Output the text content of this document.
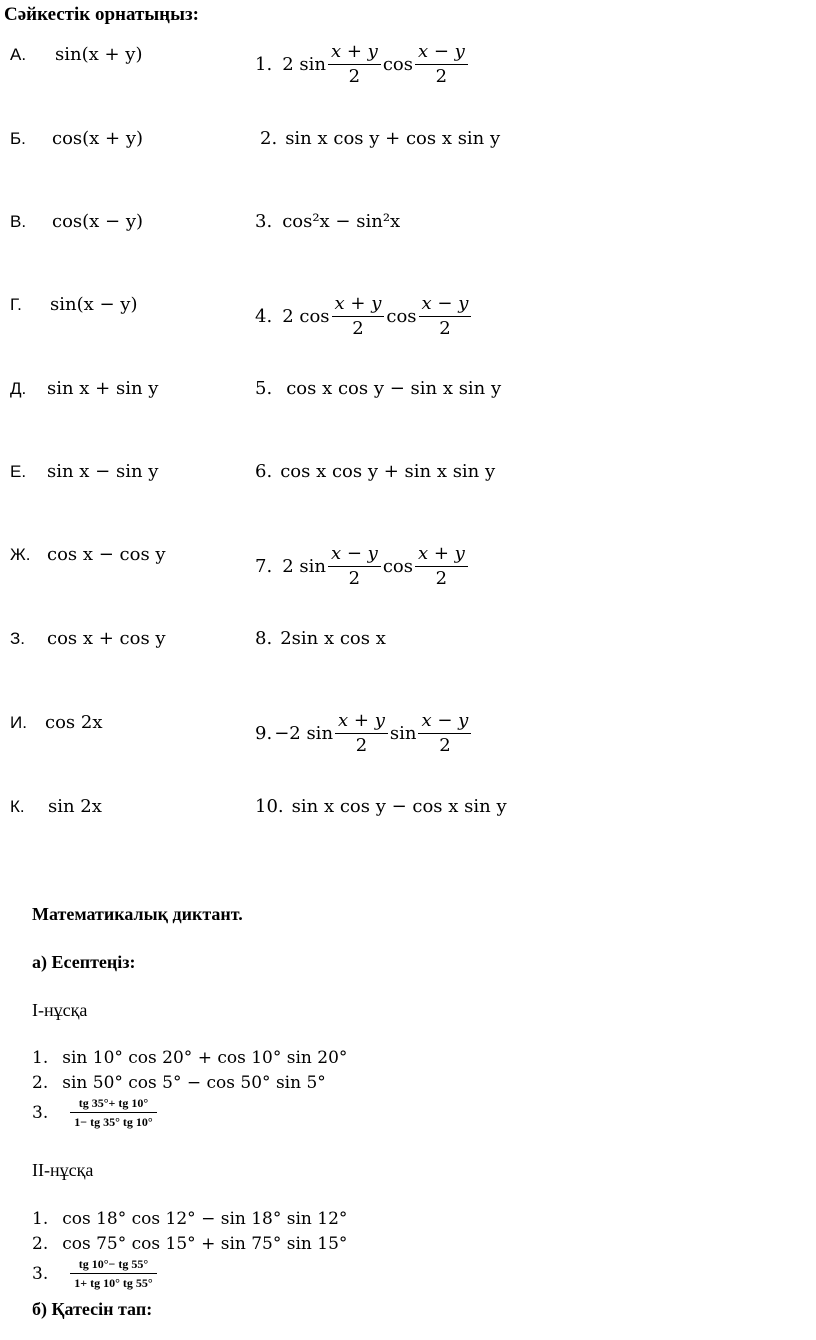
Сәйкестік орнатыңыз:
А. sin(x + y)
Б. cos(x + y)
В. cos(x − y)
Г. sin(x − y)
Д. sin x + sin y
Е. sin x − sin y
Ж. cos x − cos y
З. cos x + cos y
И. cos 2x
К. sin 2x
1. 2 $\sin \frac{x + y}{2}$ $\cos \frac{x - y}{2}$
2. sin x cos y + cos x sin y
3. cos²x − sin²x
4. 2 $\cos \frac{x + y}{2}$ $\cos \frac{x - y}{2}$
5. cos x cos y − sin x sin y
6. cos x cos y + sin x sin y
7. 2 $\sin \frac{x - y}{2}$ $\cos \frac{x + y}{2}$
8. 2sin x cos x
9. −2 $\sin \frac{x + y}{2}$ $\sin \frac{x - y}{2}$
10. sin x cos y − cos x sin y
Математикалық диктант.
а) Есептеңіз:
І-нұсқа
1. sin 10° cos 20° + cos 10° sin 20°
2. sin 50° cos 5° − cos 50° sin 5°
3. $\frac{tg 35^\circ+ tg 10^\circ}{1- tg 35^\circ tg 10^\circ}$
ІІ-нұсқа
1. cos 18° cos 12° − sin 18° sin 12°
2. cos 75° cos 15° + sin 75° sin 15°
3. $\frac{tg 10^\circ- tg 55^\circ}{1+ tg 10^\circ tg 55^\circ}$
б) Қатесін тап:
